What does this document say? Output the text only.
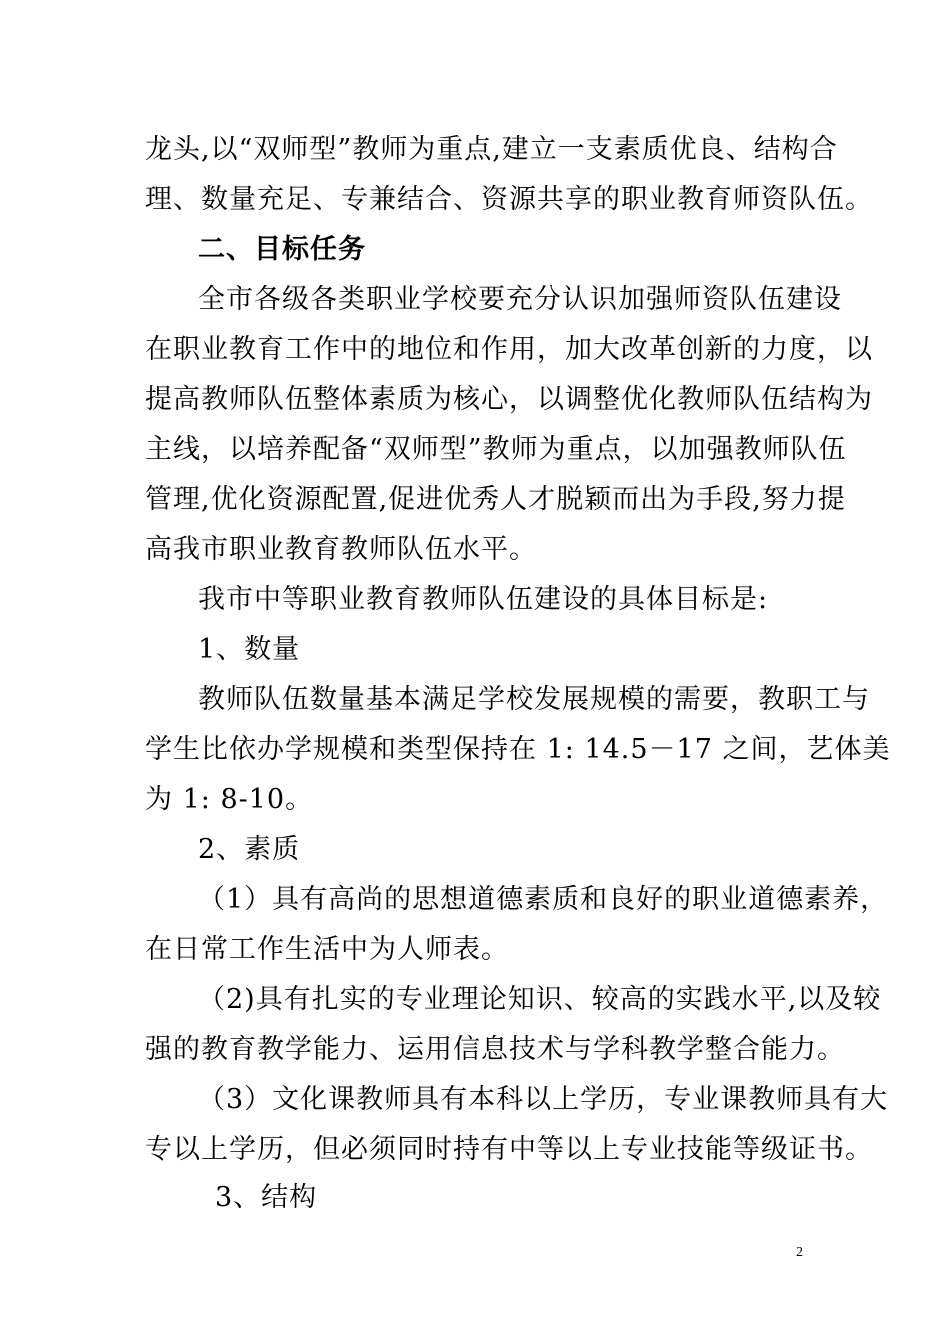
龙头,以“双师型”教师为重点,建立一支素质优良、结构合
理、数量充足、专兼结合、资源共享的职业教育师资队伍。
二、目标任务
全市各级各类职业学校要充分认识加强师资队伍建设
在职业教育工作中的地位和作用，加大改革创新的力度，以
提高教师队伍整体素质为核心，以调整优化教师队伍结构为
主线，以培养配备“双师型”教师为重点，以加强教师队伍
管理,优化资源配置,促进优秀人才脱颖而出为手段,努力提
高我市职业教育教师队伍水平。
我市中等职业教育教师队伍建设的具体目标是:
1、数量
教师队伍数量基本满足学校发展规模的需要，教职工与
学生比依办学规模和类型保持在 1: 14.5－17 之间，艺体美
为 1: 8-10。
2、素质
（1）具有高尚的思想道德素质和良好的职业道德素养，
在日常工作生活中为人师表。
（2)具有扎实的专业理论知识、较高的实践水平,以及较
强的教育教学能力、运用信息技术与学科教学整合能力。
（3）文化课教师具有本科以上学历，专业课教师具有大
专以上学历，但必须同时持有中等以上专业技能等级证书。
3、结构
2
